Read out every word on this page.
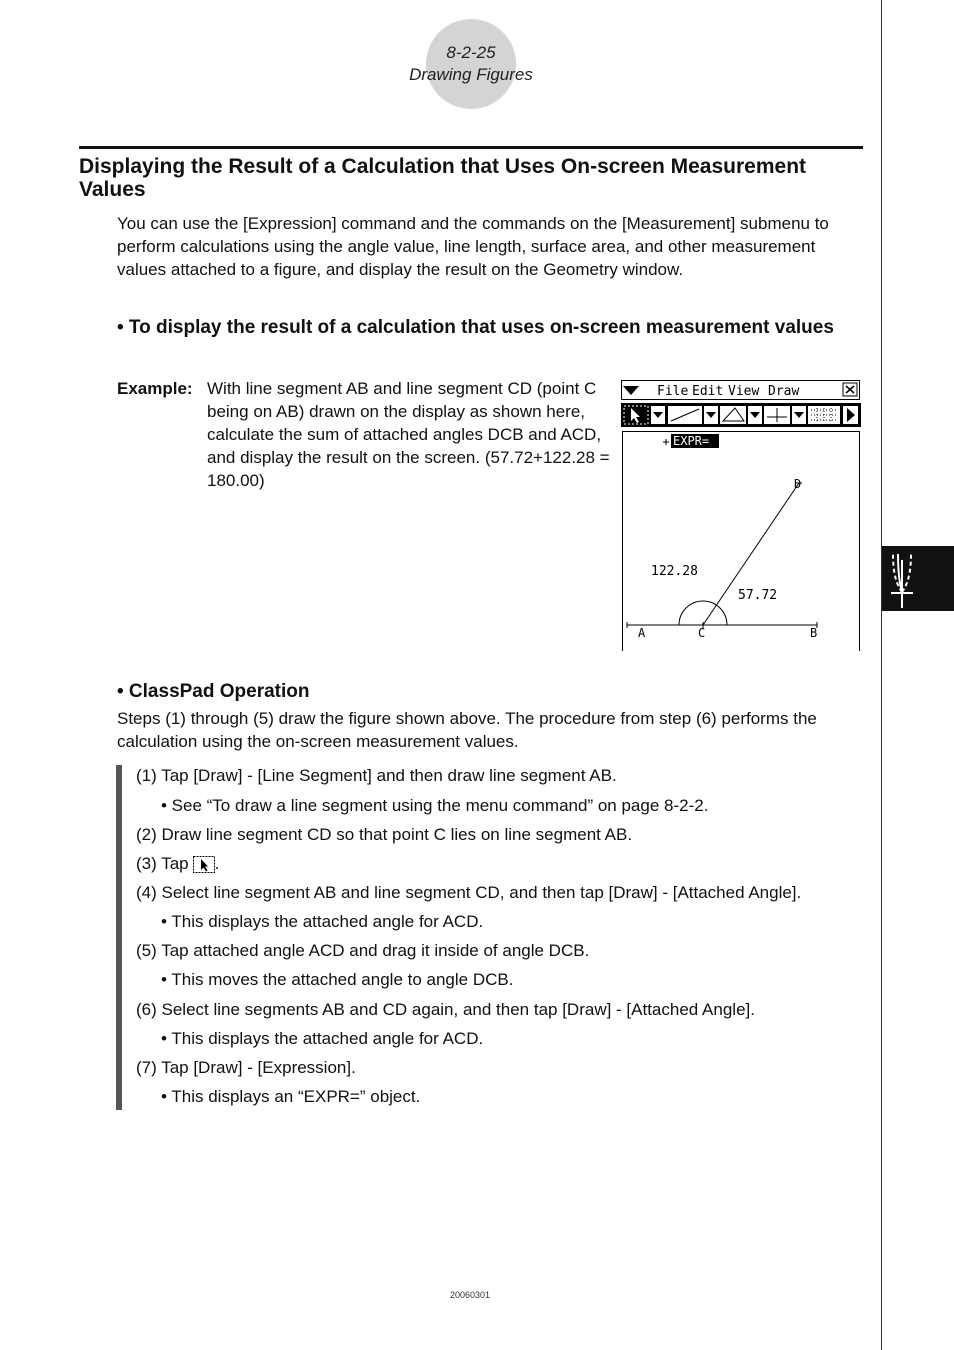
8-2-25
Drawing Figures
Displaying the Result of a Calculation that Uses On-screen Measurement Values
You can use the [Expression] command and the commands on the [Measurement] submenu to perform calculations using the angle value, line length, surface area, and other measurement values attached to a figure, and display the result on the Geometry window.
• To display the result of a calculation that uses on-screen measurement values
Example: With line segment AB and line segment CD (point C being on AB) drawn on the display as shown here, calculate the sum of attached angles DCB and ACD, and display the result on the screen. (57.72+122.28 = 180.00)
File Edit View Draw
EXPR=
122.28
57.72
A	C	B
D
• ClassPad Operation
Steps (1) through (5) draw the figure shown above. The procedure from step (6) performs the calculation using the on-screen measurement values.
(1) Tap [Draw] - [Line Segment] and then draw line segment AB.
• See “To draw a line segment using the menu command” on page 8-2-2.
(2) Draw line segment CD so that point C lies on line segment AB.
(3) Tap .
(4) Select line segment AB and line segment CD, and then tap [Draw] - [Attached Angle].
• This displays the attached angle for ACD.
(5) Tap attached angle ACD and drag it inside of angle DCB.
• This moves the attached angle to angle DCB.
(6) Select line segments AB and CD again, and then tap [Draw] - [Attached Angle].
• This displays the attached angle for ACD.
(7) Tap [Draw] - [Expression].
• This displays an “EXPR=” object.
20060301
